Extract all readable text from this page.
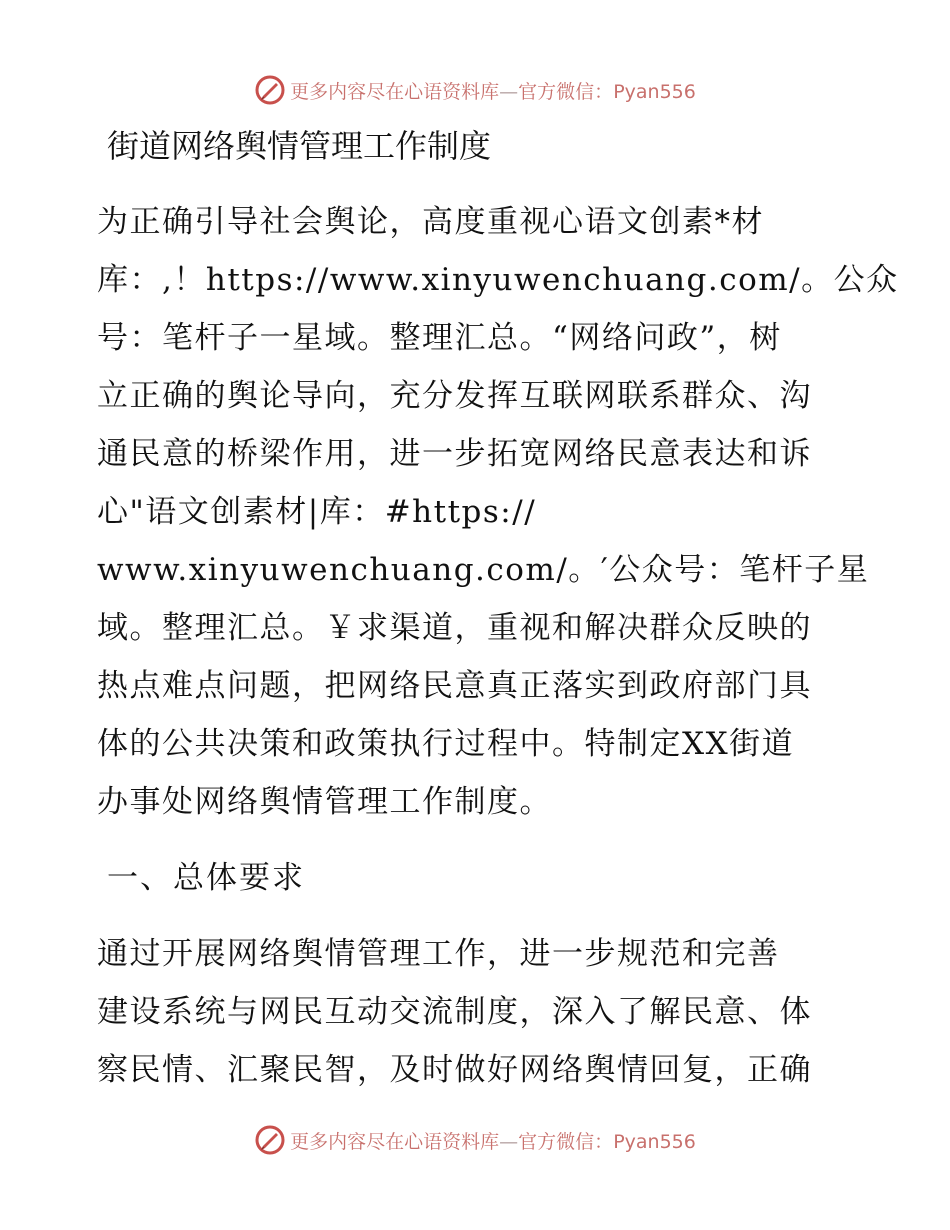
更多内容尽在心语资料库—官方微信：Pyan556
街道网络舆情管理工作制度

为正确引导社会舆论，高度重视心语文创素*材
库：,！https://www.xinyuwenchuang.com/。公众
号：笔杆子一星域。整理汇总。“网络问政”，树
立正确的舆论导向，充分发挥互联网联系群众、沟
通民意的桥梁作用，进一步拓宽网络民意表达和诉
心"语文创素材|库：#https://
www.xinyuwenchuang.com/。′公众号：笔杆子星
域。整理汇总。￥求渠道，重视和解决群众反映的
热点难点问题，把网络民意真正落实到政府部门具
体的公共决策和政策执行过程中。特制定XX街道
办事处网络舆情管理工作制度。

一、总体要求

通过开展网络舆情管理工作，进一步规范和完善
建设系统与网民互动交流制度，深入了解民意、体
察民情、汇聚民智，及时做好网络舆情回复，正确

更多内容尽在心语资料库—官方微信：Pyan556
